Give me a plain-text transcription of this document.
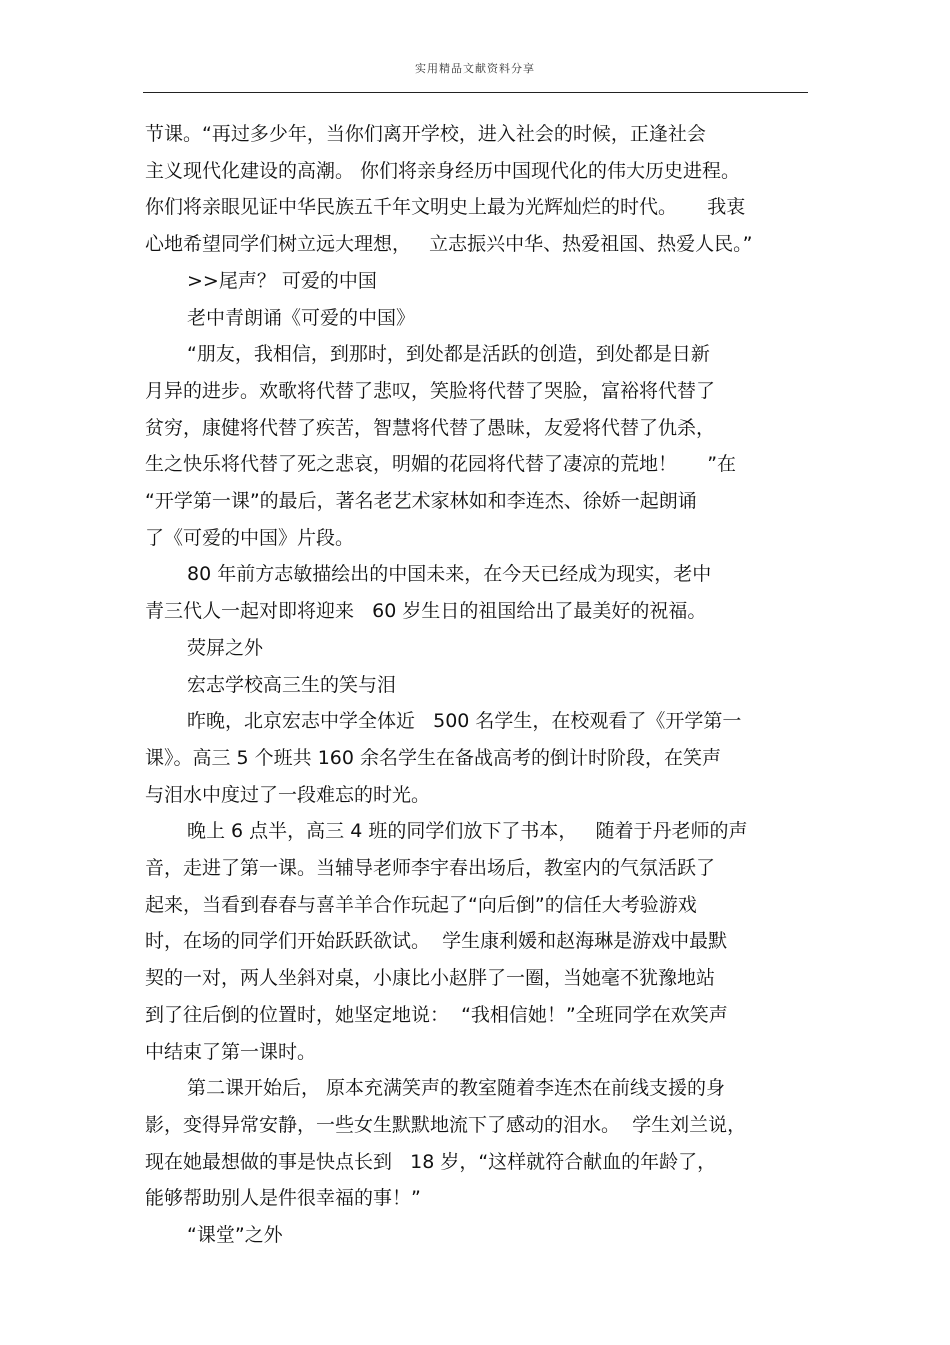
实用精品文献资料分享
节课。“再过多少年，当你们离开学校，进入社会的时候，正逢社会
主义现代化建设的高潮。 你们将亲身经历中国现代化的伟大历史进程。
你们将亲眼见证中华民族五千年文明史上最为光辉灿烂的时代。     我衷
心地希望同学们树立远大理想，   立志振兴中华、热爱祖国、热爱人民。”
>>尾声？ 可爱的中国
老中青朗诵《可爱的中国》
“朋友，我相信，到那时，到处都是活跃的创造，到处都是日新
月异的进步。欢歌将代替了悲叹，笑脸将代替了哭脸，富裕将代替了
贫穷，康健将代替了疾苦，智慧将代替了愚昧，友爱将代替了仇杀，
生之快乐将代替了死之悲哀，明媚的花园将代替了凄凉的荒地！     ”在
“开学第一课”的最后，著名老艺术家林如和李连杰、徐娇一起朗诵
了《可爱的中国》片段。
80 年前方志敏描绘出的中国未来，在今天已经成为现实，老中
青三代人一起对即将迎来   60 岁生日的祖国给出了最美好的祝福。
荧屏之外
宏志学校高三生的笑与泪
昨晚，北京宏志中学全体近   500 名学生，在校观看了《开学第一
课》。高三 5 个班共 160 余名学生在备战高考的倒计时阶段，在笑声
与泪水中度过了一段难忘的时光。
晚上 6 点半，高三 4 班的同学们放下了书本，   随着于丹老师的声
音，走进了第一课。当辅导老师李宇春出场后，教室内的气氛活跃了
起来，当看到春春与喜羊羊合作玩起了“向后倒”的信任大考验游戏
时，在场的同学们开始跃跃欲试。  学生康利媛和赵海琳是游戏中最默
契的一对，两人坐斜对桌，小康比小赵胖了一圈，当她毫不犹豫地站
到了往后倒的位置时，她坚定地说：  “我相信她！”全班同学在欢笑声
中结束了第一课时。
第二课开始后， 原本充满笑声的教室随着李连杰在前线支援的身
影，变得异常安静，一些女生默默地流下了感动的泪水。  学生刘兰说，
现在她最想做的事是快点长到   18 岁，“这样就符合献血的年龄了，
能够帮助别人是件很幸福的事！”
“课堂”之外
